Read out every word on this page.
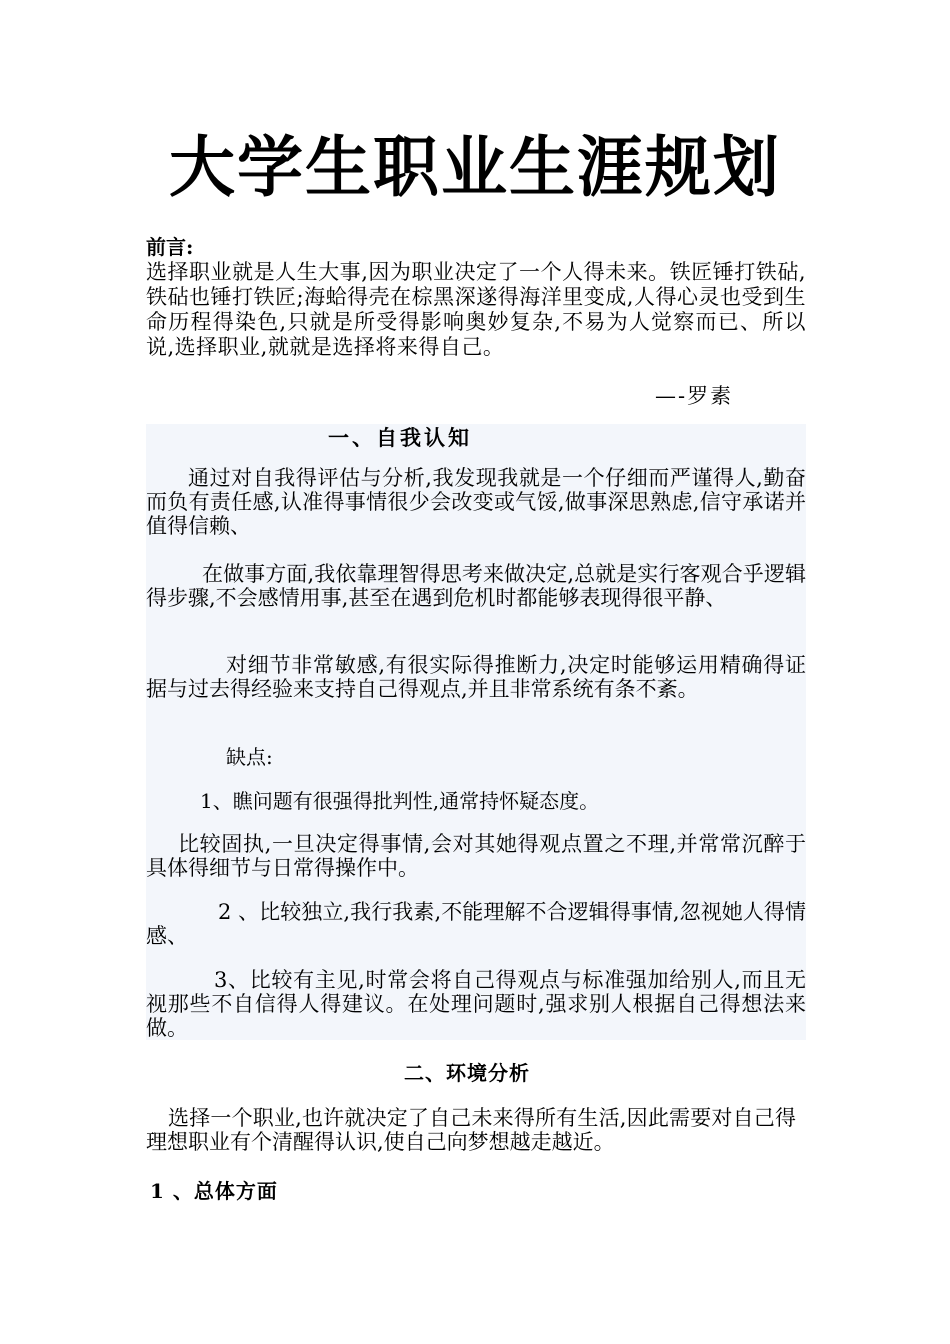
大学生职业生涯规划
前言:
选择职业就是人生大事,因为职业决定了一个人得未来。铁匠锤打铁砧,铁砧也锤打铁匠;海蛤得壳在棕黑深遂得海洋里变成,人得心灵也受到生命历程得染色,只就是所受得影响奥妙复杂,不易为人觉察而已、所以说,选择职业,就就是选择将来得自己。
—-罗素
一、自我认知
通过对自我得评估与分析,我发现我就是一个仔细而严谨得人,勤奋而负有责任感,认准得事情很少会改变或气馁,做事深思熟虑,信守承诺并值得信赖、
在做事方面,我依靠理智得思考来做决定,总就是实行客观合乎逻辑得步骤,不会感情用事,甚至在遇到危机时都能够表现得很平静、
对细节非常敏感,有很实际得推断力,决定时能够运用精确得证据与过去得经验来支持自己得观点,并且非常系统有条不紊。
缺点:
1、瞧问题有很强得批判性,通常持怀疑态度。
比较固执,一旦决定得事情,会对其她得观点置之不理,并常常沉醉于具体得细节与日常得操作中。
2 、比较独立,我行我素,不能理解不合逻辑得事情,忽视她人得情感、
3、比较有主见,时常会将自己得观点与标准强加给别人,而且无视那些不自信得人得建议。在处理问题时,强求别人根据自己得想法来做。
二、环境分析
选择一个职业,也许就决定了自己未来得所有生活,因此需要对自己得理想职业有个清醒得认识,使自己向梦想越走越近。
1 、总体方面
